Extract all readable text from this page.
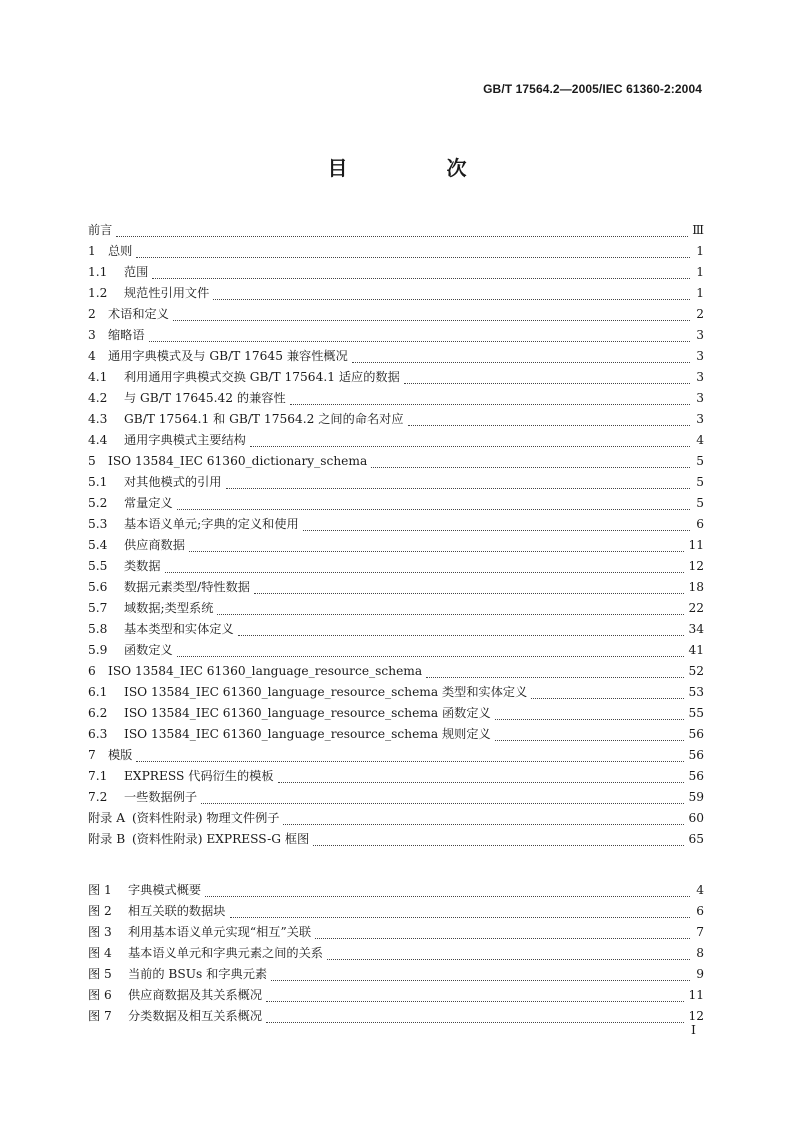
GB/T 17564.2—2005/IEC 61360-2:2004
目 次
前言	Ⅲ
1	总则	1
1.1	范围	1
1.2	规范性引用文件	1
2	术语和定义	2
3	缩略语	3
4	通用字典模式及与 GB/T 17645 兼容性概况	3
4.1	利用通用字典模式交换 GB/T 17564.1 适应的数据	3
4.2	与 GB/T 17645.42 的兼容性	3
4.3	GB/T 17564.1 和 GB/T 17564.2 之间的命名对应	3
4.4	通用字典模式主要结构	4
5	ISO 13584_IEC 61360_dictionary_schema	5
5.1	对其他模式的引用	5
5.2	常量定义	5
5.3	基本语义单元;字典的定义和使用	6
5.4	供应商数据	11
5.5	类数据	12
5.6	数据元素类型/特性数据	18
5.7	域数据;类型系统	22
5.8	基本类型和实体定义	34
5.9	函数定义	41
6	ISO 13584_IEC 61360_language_resource_schema	52
6.1	ISO 13584_IEC 61360_language_resource_schema 类型和实体定义	53
6.2	ISO 13584_IEC 61360_language_resource_schema 函数定义	55
6.3	ISO 13584_IEC 61360_language_resource_schema 规则定义	56
7	模版	56
7.1	EXPRESS 代码衍生的模板	56
7.2	一些数据例子	59
附录 A (资料性附录) 物理文件例子	60
附录 B (资料性附录) EXPRESS-G 框图	65
图 1	字典模式概要	4
图 2	相互关联的数据块	6
图 3	利用基本语义单元实现“相互”关联	7
图 4	基本语义单元和字典元素之间的关系	8
图 5	当前的 BSUs 和字典元素	9
图 6	供应商数据及其关系概况	11
图 7	分类数据及相互关系概况	12
I
